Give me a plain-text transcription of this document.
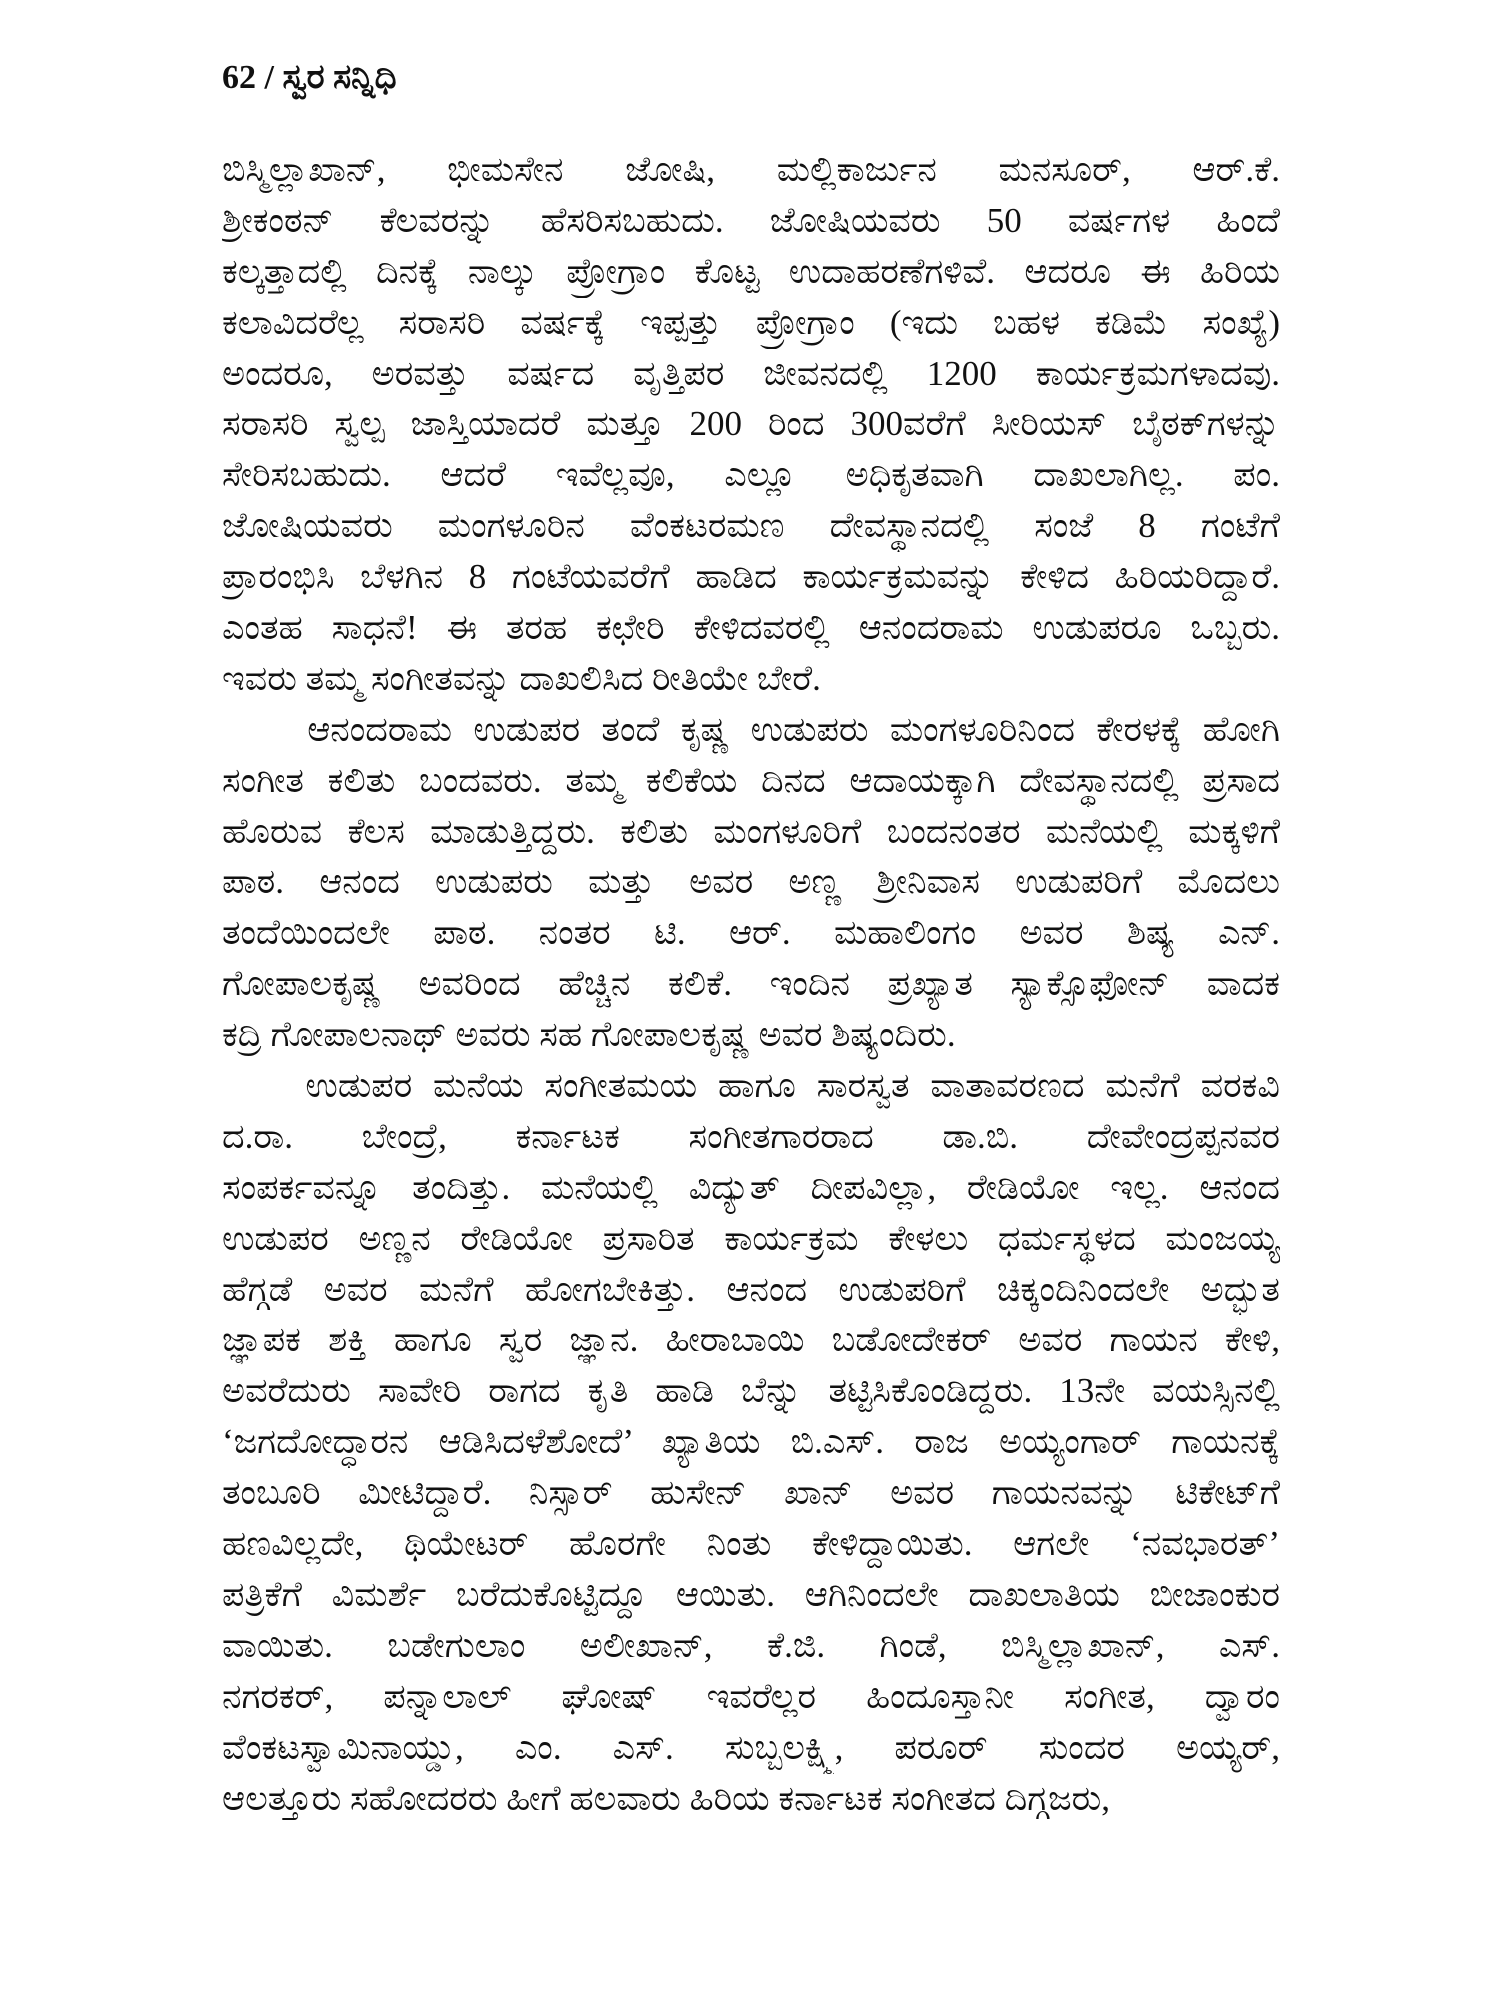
62 / ಸ್ವರ ಸನ್ನಿಧಿ
ಬಿಸ್ಮಿಲ್ಲಾಖಾನ್, ಭೀಮಸೇನ ಜೋಷಿ, ಮಲ್ಲಿಕಾರ್ಜುನ ಮನಸೂರ್, ಆರ್.ಕೆ.
ಶ್ರೀಕಂಠನ್ ಕೆಲವರನ್ನು ಹೆಸರಿಸಬಹುದು. ಜೋಷಿಯವರು 50 ವರ್ಷಗಳ ಹಿಂದೆ
ಕಲ್ಕತ್ತಾದಲ್ಲಿ ದಿನಕ್ಕೆ ನಾಲ್ಕು ಪ್ರೋಗ್ರಾಂ ಕೊಟ್ಟ ಉದಾಹರಣೆಗಳಿವೆ. ಆದರೂ ಈ ಹಿರಿಯ
ಕಲಾವಿದರೆಲ್ಲ ಸರಾಸರಿ ವರ್ಷಕ್ಕೆ ಇಪ್ಪತ್ತು ಪ್ರೋಗ್ರಾಂ (ಇದು ಬಹಳ ಕಡಿಮೆ ಸಂಖ್ಯೆ)
ಅಂದರೂ, ಅರವತ್ತು ವರ್ಷದ ವೃತ್ತಿಪರ ಜೀವನದಲ್ಲಿ 1200 ಕಾರ್ಯಕ್ರಮಗಳಾದವು.
ಸರಾಸರಿ ಸ್ವಲ್ಪ ಜಾಸ್ತಿಯಾದರೆ ಮತ್ತೂ 200 ರಿಂದ 300ವರೆಗೆ ಸೀರಿಯಸ್ ಬೈಠಕ್‌ಗಳನ್ನು
ಸೇರಿಸಬಹುದು. ಆದರೆ ಇವೆಲ್ಲವೂ, ಎಲ್ಲೂ ಅಧಿಕೃತವಾಗಿ ದಾಖಲಾಗಿಲ್ಲ. ಪಂ.
ಜೋಷಿಯವರು ಮಂಗಳೂರಿನ ವೆಂಕಟರಮಣ ದೇವಸ್ಥಾನದಲ್ಲಿ ಸಂಜೆ 8 ಗಂಟೆಗೆ
ಪ್ರಾರಂಭಿಸಿ ಬೆಳಗಿನ 8 ಗಂಟೆಯವರೆಗೆ ಹಾಡಿದ ಕಾರ್ಯಕ್ರಮವನ್ನು ಕೇಳಿದ ಹಿರಿಯರಿದ್ದಾರೆ.
ಎಂತಹ ಸಾಧನೆ! ಈ ತರಹ ಕಛೇರಿ ಕೇಳಿದವರಲ್ಲಿ ಆನಂದರಾಮ ಉಡುಪರೂ ಒಬ್ಬರು.
ಇವರು ತಮ್ಮ ಸಂಗೀತವನ್ನು ದಾಖಲಿಸಿದ ರೀತಿಯೇ ಬೇರೆ.
ಆನಂದರಾಮ ಉಡುಪರ ತಂದೆ ಕೃಷ್ಣ ಉಡುಪರು ಮಂಗಳೂರಿನಿಂದ ಕೇರಳಕ್ಕೆ ಹೋಗಿ
ಸಂಗೀತ ಕಲಿತು ಬಂದವರು. ತಮ್ಮ ಕಲಿಕೆಯ ದಿನದ ಆದಾಯಕ್ಕಾಗಿ ದೇವಸ್ಥಾನದಲ್ಲಿ ಪ್ರಸಾದ
ಹೊರುವ ಕೆಲಸ ಮಾಡುತ್ತಿದ್ದರು. ಕಲಿತು ಮಂಗಳೂರಿಗೆ ಬಂದನಂತರ ಮನೆಯಲ್ಲಿ ಮಕ್ಕಳಿಗೆ
ಪಾಠ. ಆನಂದ ಉಡುಪರು ಮತ್ತು ಅವರ ಅಣ್ಣ ಶ್ರೀನಿವಾಸ ಉಡುಪರಿಗೆ ಮೊದಲು
ತಂದೆಯಿಂದಲೇ ಪಾಠ. ನಂತರ ಟಿ. ಆರ್. ಮಹಾಲಿಂಗಂ ಅವರ ಶಿಷ್ಯ ಎನ್.
ಗೋಪಾಲಕೃಷ್ಣ ಅವರಿಂದ ಹೆಚ್ಚಿನ ಕಲಿಕೆ. ಇಂದಿನ ಪ್ರಖ್ಯಾತ ಸ್ಯಾಕ್ಸೊಫೋನ್ ವಾದಕ
ಕದ್ರಿ ಗೋಪಾಲನಾಥ್ ಅವರು ಸಹ ಗೋಪಾಲಕೃಷ್ಣ ಅವರ ಶಿಷ್ಯಂದಿರು.
ಉಡುಪರ ಮನೆಯ ಸಂಗೀತಮಯ ಹಾಗೂ ಸಾರಸ್ವತ ವಾತಾವರಣದ ಮನೆಗೆ ವರಕವಿ
ದ.ರಾ. ಬೇಂದ್ರೆ, ಕರ್ನಾಟಕ ಸಂಗೀತಗಾರರಾದ ಡಾ.ಬಿ. ದೇವೇಂದ್ರಪ್ಪನವರ
ಸಂಪರ್ಕವನ್ನೂ ತಂದಿತ್ತು. ಮನೆಯಲ್ಲಿ ವಿದ್ಯುತ್ ದೀಪವಿಲ್ಲಾ, ರೇಡಿಯೋ ಇಲ್ಲ. ಆನಂದ
ಉಡುಪರ ಅಣ್ಣನ ರೇಡಿಯೋ ಪ್ರಸಾರಿತ ಕಾರ್ಯಕ್ರಮ ಕೇಳಲು ಧರ್ಮಸ್ಥಳದ ಮಂಜಯ್ಯ
ಹೆಗ್ಗಡೆ ಅವರ ಮನೆಗೆ ಹೋಗಬೇಕಿತ್ತು. ಆನಂದ ಉಡುಪರಿಗೆ ಚಿಕ್ಕಂದಿನಿಂದಲೇ ಅದ್ಭುತ
ಜ್ಞಾಪಕ ಶಕ್ತಿ ಹಾಗೂ ಸ್ವರ ಜ್ಞಾನ. ಹೀರಾಬಾಯಿ ಬಡೋದೇಕರ್ ಅವರ ಗಾಯನ ಕೇಳಿ,
ಅವರೆದುರು ಸಾವೇರಿ ರಾಗದ ಕೃತಿ ಹಾಡಿ ಬೆನ್ನು ತಟ್ಟಿಸಿಕೊಂಡಿದ್ದರು. 13ನೇ ವಯಸ್ಸಿನಲ್ಲಿ
‘ಜಗದೋದ್ಧಾರನ ಆಡಿಸಿದಳೆಶೋದೆ’ ಖ್ಯಾತಿಯ ಬಿ.ಎಸ್. ರಾಜ ಅಯ್ಯಂಗಾರ್ ಗಾಯನಕ್ಕೆ
ತಂಬೂರಿ ಮೀಟಿದ್ದಾರೆ. ನಿಸ್ಸಾರ್ ಹುಸೇನ್ ಖಾನ್ ಅವರ ಗಾಯನವನ್ನು ಟಿಕೇಟ್‌ಗೆ
ಹಣವಿಲ್ಲದೇ, ಥಿಯೇಟರ್ ಹೊರಗೇ ನಿಂತು ಕೇಳಿದ್ದಾಯಿತು. ಆಗಲೇ ‘ನವಭಾರತ್’
ಪತ್ರಿಕೆಗೆ ವಿಮರ್ಶೆ ಬರೆದುಕೊಟ್ಟಿದ್ದೂ ಆಯಿತು. ಆಗಿನಿಂದಲೇ ದಾಖಲಾತಿಯ ಬೀಜಾಂಕುರ
ವಾಯಿತು. ಬಡೇಗುಲಾಂ ಅಲೀಖಾನ್, ಕೆ.ಜಿ. ಗಿಂಡೆ, ಬಿಸ್ಮಿಲ್ಲಾಖಾನ್, ಎಸ್.
ನಗರಕರ್, ಪನ್ನಾಲಾಲ್ ಘೋಷ್ ಇವರೆಲ್ಲರ ಹಿಂದೂಸ್ತಾನೀ ಸಂಗೀತ, ದ್ವಾರಂ
ವೆಂಕಟಸ್ವಾಮಿನಾಯ್ಡು, ಎಂ. ಎಸ್. ಸುಬ್ಬಲಕ್ಷ್ಮಿ, ಪರೂರ್ ಸುಂದರ ಅಯ್ಯರ್,
ಆಲತ್ತೂರು ಸಹೋದರರು ಹೀಗೆ ಹಲವಾರು ಹಿರಿಯ ಕರ್ನಾಟಕ ಸಂಗೀತದ ದಿಗ್ಗಜರು,
